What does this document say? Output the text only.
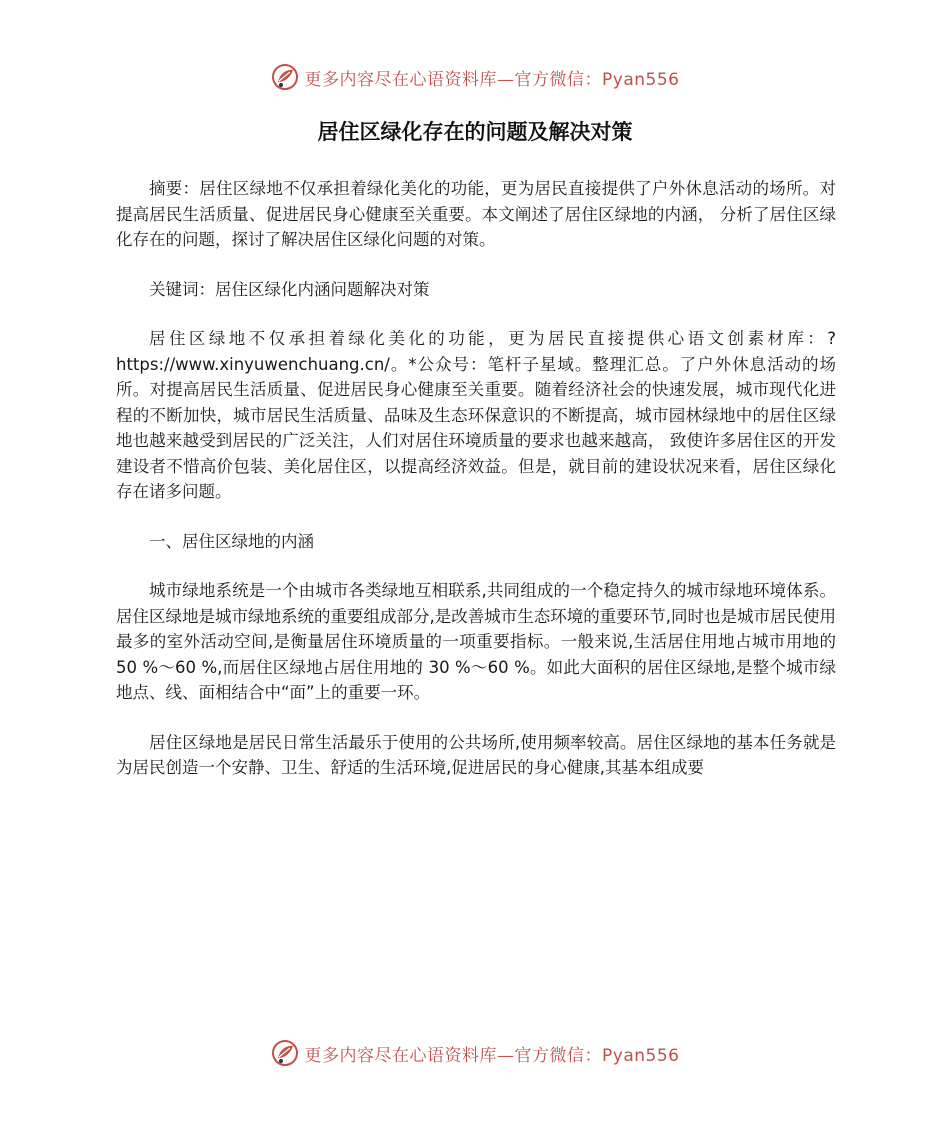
更多内容尽在心语资料库—官方微信：Pyan556
居住区绿化存在的问题及解决对策

摘要：居住区绿地不仅承担着绿化美化的功能，更为居民直接提供了户外休息活动的场所。对提高居民生活质量、促进居民身心健康至关重要。本文阐述了居住区绿地的内涵， 分析了居住区绿化存在的问题，探讨了解决居住区绿化问题的对策。

关键词：居住区绿化内涵问题解决对策

居住区绿地不仅承担着绿化美化的功能，更为居民直接提供心语文创素材库：?https://www.xinyuwenchuang.cn/。*公众号：笔杆子星域。整理汇总。了户外休息活动的场所。对提高居民生活质量、促进居民身心健康至关重要。随着经济社会的快速发展，城市现代化进程的不断加快，城市居民生活质量、品味及生态环保意识的不断提高，城市园林绿地中的居住区绿地也越来越受到居民的广泛关注，人们对居住环境质量的要求也越来越高， 致使许多居住区的开发建设者不惜高价包装、美化居住区，以提高经济效益。但是，就目前的建设状况来看，居住区绿化存在诸多问题。

一、居住区绿地的内涵

城市绿地系统是一个由城市各类绿地互相联系,共同组成的一个稳定持久的城市绿地环境体系。居住区绿地是城市绿地系统的重要组成部分,是改善城市生态环境的重要环节,同时也是城市居民使用最多的室外活动空间,是衡量居住环境质量的一项重要指标。一般来说,生活居住用地占城市用地的 50 %～60 %,而居住区绿地占居住用地的 30 %～60 %。如此大面积的居住区绿地,是整个城市绿地点、线、面相结合中“面”上的重要一环。

居住区绿地是居民日常生活最乐于使用的公共场所,使用频率较高。居住区绿地的基本任务就是为居民创造一个安静、卫生、舒适的生活环境,促进居民的身心健康,其基本组成要

更多内容尽在心语资料库—官方微信：Pyan556
